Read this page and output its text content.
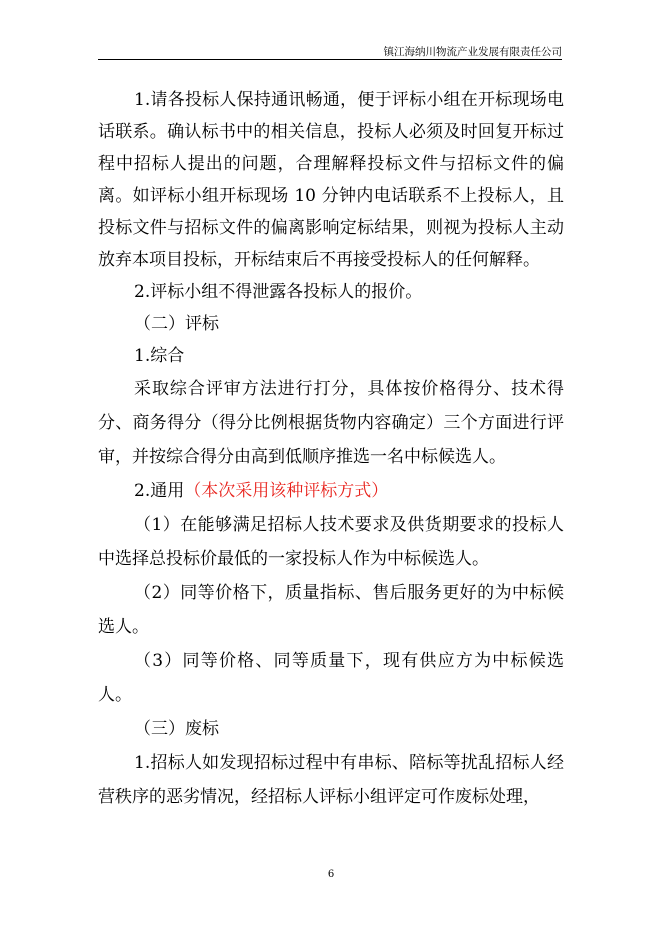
镇江海纳川物流产业发展有限责任公司

1.请各投标人保持通讯畅通，便于评标小组在开标现场电话联系。确认标书中的相关信息，投标人必须及时回复开标过程中招标人提出的问题，合理解释投标文件与招标文件的偏离。如评标小组开标现场 10 分钟内电话联系不上投标人，且投标文件与招标文件的偏离影响定标结果，则视为投标人主动放弃本项目投标，开标结束后不再接受投标人的任何解释。

2.评标小组不得泄露各投标人的报价。

（二）评标

1.综合

采取综合评审方法进行打分，具体按价格得分、技术得分、商务得分（得分比例根据货物内容确定）三个方面进行评审，并按综合得分由高到低顺序推选一名中标候选人。

2.通用（本次采用该种评标方式）

（1）在能够满足招标人技术要求及供货期要求的投标人中选择总投标价最低的一家投标人作为中标候选人。

（2）同等价格下，质量指标、售后服务更好的为中标候选人。

（3）同等价格、同等质量下，现有供应方为中标候选人。

（三）废标

1.招标人如发现招标过程中有串标、陪标等扰乱招标人经营秩序的恶劣情况，经招标人评标小组评定可作废标处理，

6
